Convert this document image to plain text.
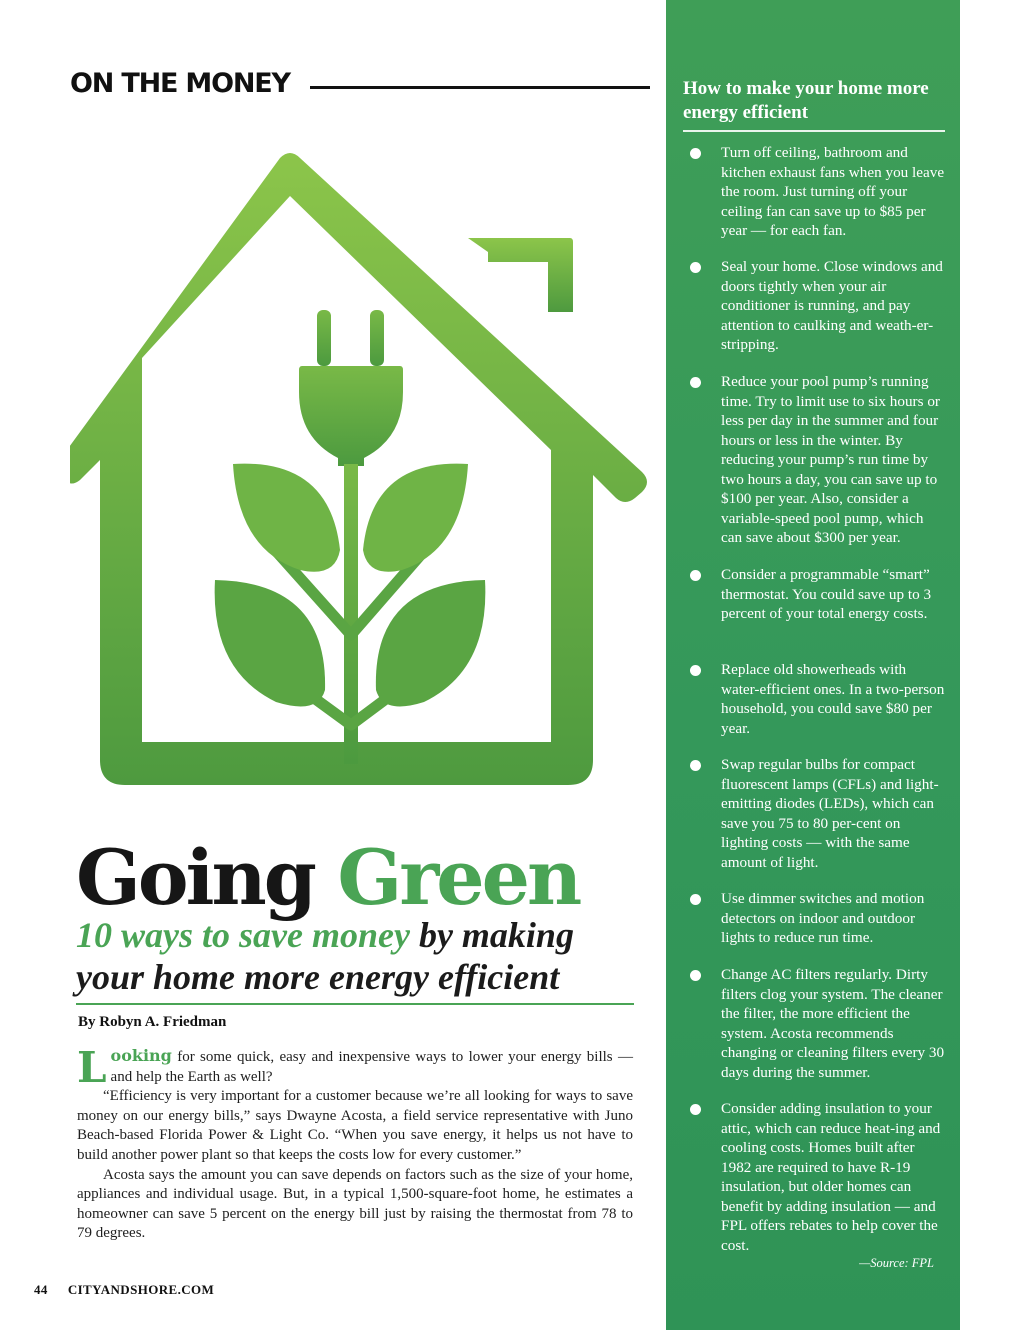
ON THE MONEY
Going Green
10 ways to save money by making your home more energy efficient
By Robyn A. Friedman

Looking for some quick, easy and inexpensive ways to lower your energy bills — and help the Earth as well?

“Efficiency is very important for a customer because we’re all looking for ways to save money on our energy bills,” says Dwayne Acosta, a field service representative with Juno Beach-based Florida Power & Light Co. “When you save energy, it helps us not have to build another power plant so that keeps the costs low for every customer.”

Acosta says the amount you can save depends on factors such as the size of your home, appliances and individual usage. But, in a typical 1,500-square-foot home, he estimates a homeowner can save 5 percent on the energy bill just by raising the thermostat from 78 to 79 degrees.

44 CITYANDSHORE.COM
How to make your home more energy efficient
Turn off ceiling, bathroom and kitchen exhaust fans when you leave the room. Just turning off your ceiling fan can save up to $85 per year — for each fan.
Seal your home. Close windows and doors tightly when your air conditioner is running, and pay attention to caulking and weath-er-stripping.
Reduce your pool pump’s running time. Try to limit use to six hours or less per day in the summer and four hours or less in the winter. By reducing your pump’s run time by two hours a day, you can save up to $100 per year. Also, consider a variable-speed pool pump, which can save about $300 per year.
Consider a programmable “smart” thermostat. You could save up to 3 percent of your total energy costs.
Replace old showerheads with water-efficient ones. In a two-person household, you could save $80 per year.
Swap regular bulbs for compact fluorescent lamps (CFLs) and light-emitting diodes (LEDs), which can save you 75 to 80 per-cent on lighting costs — with the same amount of light.
Use dimmer switches and motion detectors on indoor and outdoor lights to reduce run time.
Change AC filters regularly. Dirty filters clog your system. The cleaner the filter, the more efficient the system. Acosta recommends changing or cleaning filters every 30 days during the summer.
Consider adding insulation to your attic, which can reduce heat-ing and cooling costs. Homes built after 1982 are required to have R-19 insulation, but older homes can benefit by adding insulation — and FPL offers rebates to help cover the cost.
—Source: FPL
